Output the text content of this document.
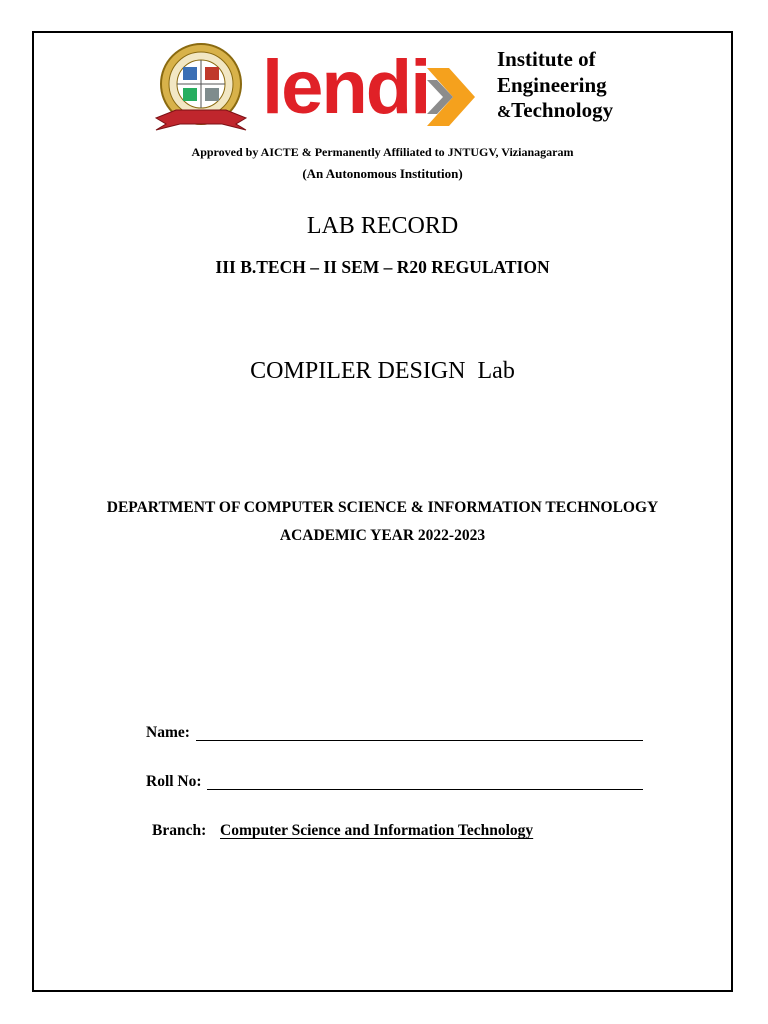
lendi	Institute of
Engineering
&Technology
Approved by AICTE & Permanently Affiliated to JNTUGV, Vizianagaram
(An Autonomous Institution)
LAB RECORD
III B.TECH – II SEM – R20 REGULATION
COMPILER DESIGN  Lab
DEPARTMENT OF COMPUTER SCIENCE & INFORMATION TECHNOLOGY
ACADEMIC YEAR 2022-2023
Name:
Roll No:
Branch: Computer Science and Information Technology
